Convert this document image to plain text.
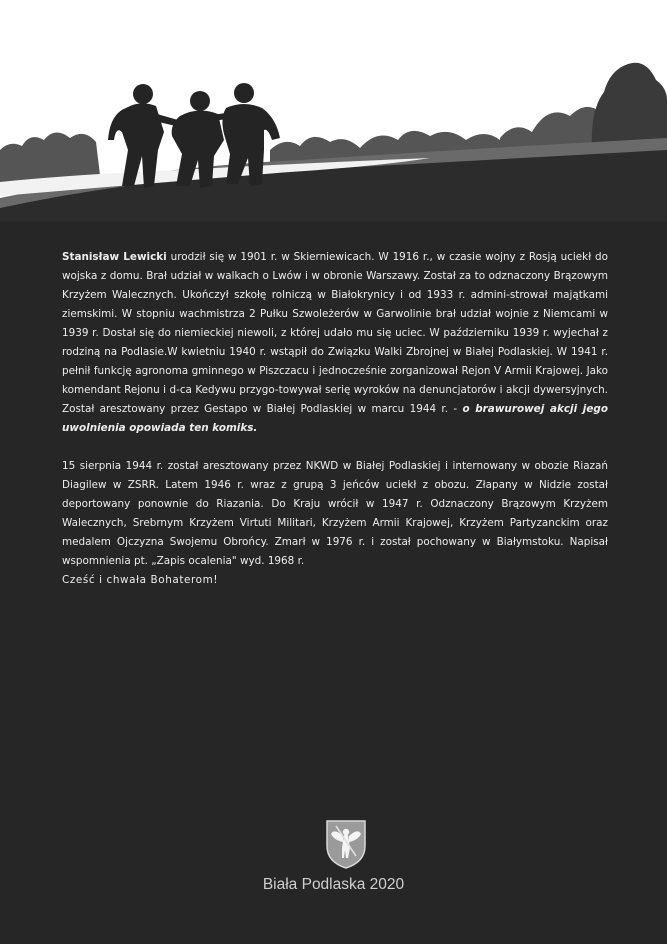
Stanisław Lewicki urodził się w 1901 r. w Skierniewicach. W 1916 r., w czasie wojny z Rosją uciekł do wojska z domu. Brał udział w walkach o Lwów i w obronie Warszawy. Został za to odznaczony Brązowym Krzyżem Walecznych. Ukończył szkołę rolniczą w Białokrynicy i od 1933 r. admini-strował majątkami ziemskimi. W stopniu wachmistrza 2 Pułku Szwoleżerów w Garwolinie brał udział wojnie z Niemcami w 1939 r. Dostał się do niemieckiej niewoli, z której udało mu się uciec. W październiku 1939 r. wyjechał z rodziną na Podlasie.W kwietniu 1940 r. wstąpił do Związku Walki Zbrojnej w Białej Podlaskiej. W 1941 r. pełnił funkcję agronoma gminnego w Piszczacu i jednocześnie zorganizował Rejon V Armii Krajowej. Jako komendant Rejonu i d-ca Kedywu przygo-towywał serię wyroków na denuncjatorów i akcji dywersyjnych. Został aresztowany przez Gestapo w Białej Podlaskiej w marcu 1944 r. - o brawurowej akcji jego uwolnienia opowiada ten komiks.

15 sierpnia 1944 r. został aresztowany przez NKWD w Białej Podlaskiej i internowany w obozie Riazań Diagilew w ZSRR. Latem 1946 r. wraz z grupą 3 jeńców uciekł z obozu. Złapany w Nidzie został deportowany ponownie do Riazania. Do Kraju wrócił w 1947 r. Odznaczony Brązowym Krzyżem Walecznych, Srebrnym Krzyżem Virtuti Militari, Krzyżem Armii Krajowej, Krzyżem Partyzanckim oraz medalem Ojczyzna Swojemu Obrońcy. Zmarł w 1976 r. i został pochowany w Białymstoku. Napisał wspomnienia pt. „Zapis ocalenia" wyd. 1968 r.
Cześć i chwała Bohaterom!

Biała Podlaska 2020
